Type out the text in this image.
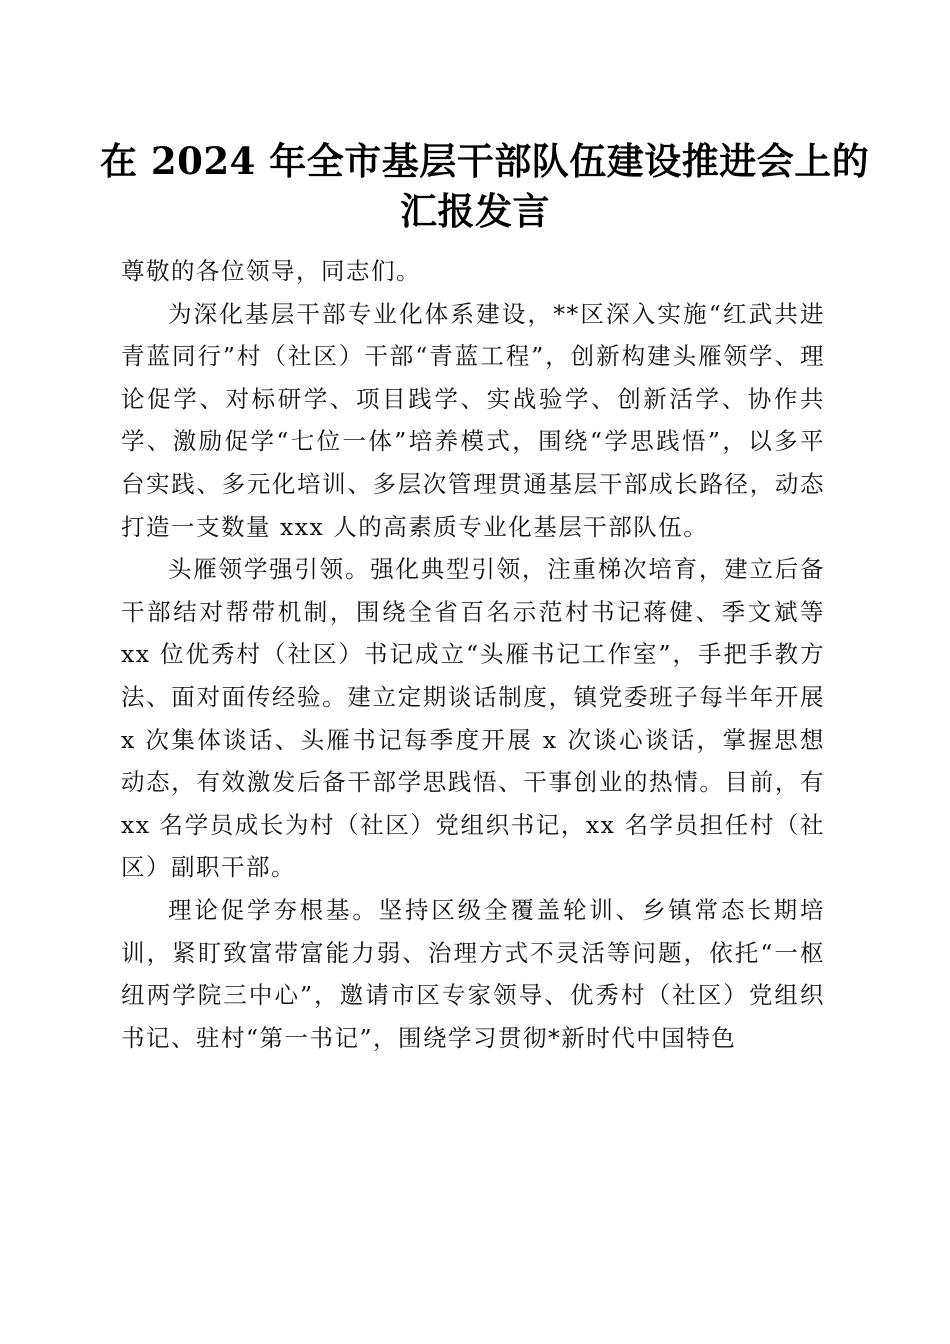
在 2024 年全市基层干部队伍建设推进会上的
汇报发言

尊敬的各位领导，同志们。

为深化基层干部专业化体系建设，**区深入实施“红武共进青蓝同行”村（社区）干部“青蓝工程”，创新构建头雁领学、理论促学、对标研学、项目践学、实战验学、创新活学、协作共学、激励促学“七位一体”培养模式，围绕“学思践悟”，以多平台实践、多元化培训、多层次管理贯通基层干部成长路径，动态打造一支数量 xxx 人的高素质专业化基层干部队伍。

头雁领学强引领。强化典型引领，注重梯次培育，建立后备干部结对帮带机制，围绕全省百名示范村书记蒋健、季文斌等 xx 位优秀村（社区）书记成立“头雁书记工作室”，手把手教方法、面对面传经验。建立定期谈话制度，镇党委班子每半年开展 x 次集体谈话、头雁书记每季度开展 x 次谈心谈话，掌握思想动态，有效激发后备干部学思践悟、干事创业的热情。目前，有 xx 名学员成长为村（社区）党组织书记，xx 名学员担任村（社区）副职干部。

理论促学夯根基。坚持区级全覆盖轮训、乡镇常态长期培训，紧盯致富带富能力弱、治理方式不灵活等问题，依托“一枢纽两学院三中心”，邀请市区专家领导、优秀村（社区）党组织书记、驻村“第一书记”，围绕学习贯彻*新时代中国特色
